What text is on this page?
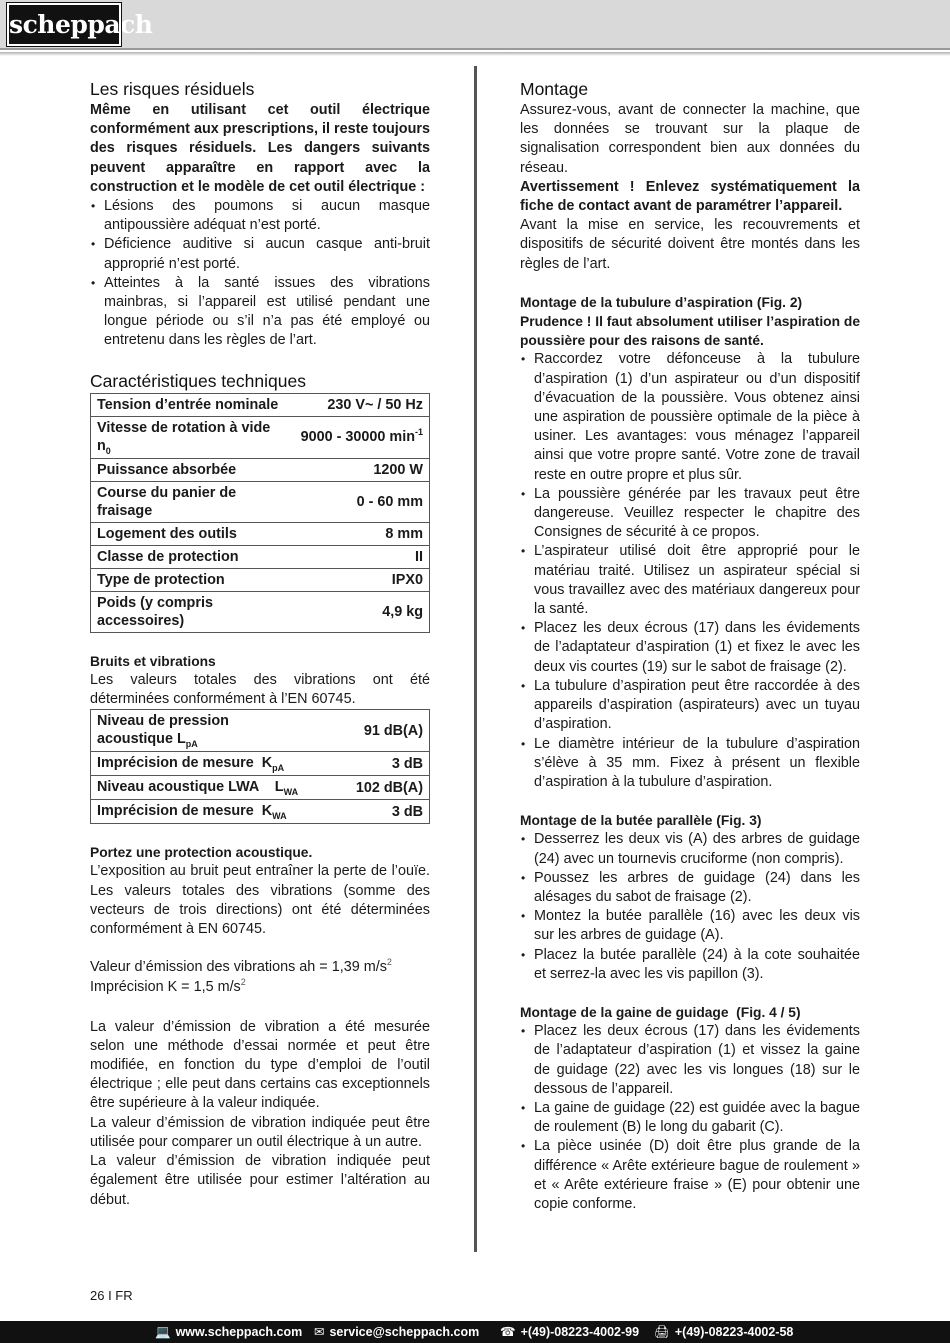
scheppach
Les risques résiduels

Même en utilisant cet outil électrique conformément aux prescriptions, il reste toujours des risques résiduels. Les dangers suivants peuvent apparaître en rapport avec la construction et le modèle de cet outil électrique :

• Lésions des poumons si aucun masque antipoussière adéquat n’est porté.
• Déficience auditive si aucun casque anti-bruit approprié n’est porté.
• Atteintes à la santé issues des vibrations mainbras, si l’appareil est utilisé pendant une longue période ou s’il n’a pas été employé ou entretenu dans les règles de l’art.
Caractéristiques techniques
Tension d’entrée nominale	230 V~ / 50 Hz
Vitesse de rotation à vide $n_0$	9000 - 30000 $\min^{-1}$
Puissance absorbée	1200 W
Course du panier de fraisage	0 - 60 mm
Logement des outils	8 mm
Classe de protection	II
Type de protection	IPX0
Poids (y compris accessoires)	4,9 kg
Bruits et vibrations

Les valeurs totales des vibrations ont été déterminées conformément à l’EN 60745.

Niveau de pression acoustique $L_{pA}$	91 dB(A)
Imprécision de mesure  $K_{pA}$	3 dB
Niveau acoustique LWA    $L_{WA}$	102 dB(A)
Imprécision de mesure  $K_{WA}$	3 dB
Portez une protection acoustique.

L’exposition au bruit peut entraîner la perte de l’ouïe. Les valeurs totales des vibrations (somme des vecteurs de trois directions) ont été déterminées conformément à EN 60745.

Valeur d’émission des vibrations ah = 1,39 $m/s^2$

Imprécision K = 1,5 $m/s^2$

La valeur d’émission de vibration a été mesurée selon une méthode d’essai normée et peut être modifiée, en fonction du type d’emploi de l’outil électrique ; elle peut dans certains cas exceptionnels être supérieure à la valeur indiquée.

La valeur d’émission de vibration indiquée peut être utilisée pour comparer un outil électrique à un autre.

La valeur d’émission de vibration indiquée peut également être utilisée pour estimer l’altération au début.

Montage

Assurez-vous, avant de connecter la machine, que les données se trouvant sur la plaque de signalisation correspondent bien aux données du réseau.

Avertissement ! Enlevez systématiquement la fiche de contact avant de paramétrer l’appareil.

Avant la mise en service, les recouvrements et dispositifs de sécurité doivent être montés dans les règles de l’art.

Montage de la tubulure d’aspiration (Fig. 2)

Prudence ! Il faut absolument utiliser l’aspiration de poussière pour des raisons de santé.

• Raccordez votre défonceuse à la tubulure d’aspiration (1) d’un aspirateur ou d’un dispositif d’évacuation de la poussière. Vous obtenez ainsi une aspiration de poussière optimale de la pièce à usiner. Les avantages: vous ménagez l’appareil ainsi que votre propre santé. Votre zone de travail reste en outre propre et plus sûr.
• La poussière générée par les travaux peut être dangereuse. Veuillez respecter le chapitre des Consignes de sécurité à ce propos.
• L’aspirateur utilisé doit être approprié pour le matériau traité. Utilisez un aspirateur spécial si vous travaillez avec des matériaux dangereux pour la santé.
• Placez les deux écrous (17) dans les évidements de l’adaptateur d’aspiration (1) et fixez le avec les deux vis courtes (19) sur le sabot de fraisage (2).
• La tubulure d’aspiration peut être raccordée à des appareils d’aspiration (aspirateurs) avec un tuyau d’aspiration.
• Le diamètre intérieur de la tubulure d’aspiration s’élève à 35 mm. Fixez à présent un flexible d’aspiration à la tubulure d’aspiration.
Montage de la butée parallèle (Fig. 3)
• Desserrez les deux vis (A) des arbres de guidage (24) avec un tournevis cruciforme (non compris).
• Poussez les arbres de guidage (24) dans les alésages du sabot de fraisage (2).
• Montez la butée parallèle (16) avec les deux vis sur les arbres de guidage (A).
• Placez la butée parallèle (24) à la cote souhaitée et serrez-la avec les vis papillon (3).
Montage de la gaine de guidage  (Fig. 4 / 5)
• Placez les deux écrous (17) dans les évidements de l’adaptateur d’aspiration (1) et vissez la gaine de guidage (22) avec les vis longues (18) sur le dessous de l’appareil.
• La gaine de guidage (22) est guidée avec la bague de roulement (B) le long du gabarit (C).
• La pièce usinée (D) doit être plus grande de la différence « Arête extérieure bague de roulement » et « Arête extérieure fraise » (E) pour obtenir une copie conforme.
26 I FR
💻 www.scheppach.com ✉ service@scheppach.com ☎ +(49)-08223-4002-99 🖨 +(49)-08223-4002-58
